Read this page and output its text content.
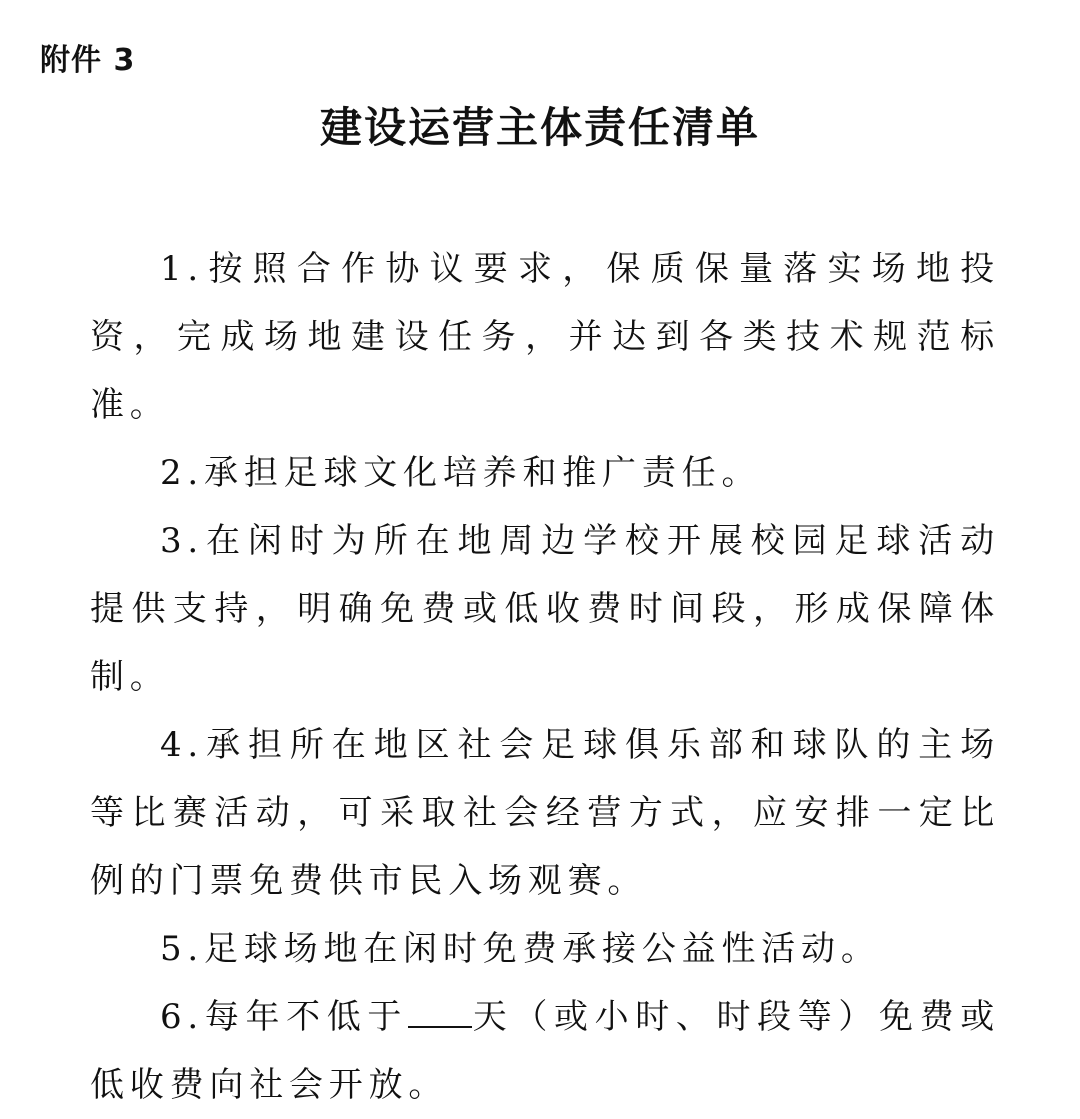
附件 3
建设运营主体责任清单

1.按照合作协议要求，保质保量落实场地投资，完成场地建设任务，并达到各类技术规范标准。

2.承担足球文化培养和推广责任。

3.在闲时为所在地周边学校开展校园足球活动提供支持，明确免费或低收费时间段，形成保障体制。

4.承担所在地区社会足球俱乐部和球队的主场等比赛活动，可采取社会经营方式，应安排一定比例的门票免费供市民入场观赛。

5.足球场地在闲时免费承接公益性活动。

6.每年不低于 天（或小时、时段等）免费或低收费向社会开放。
